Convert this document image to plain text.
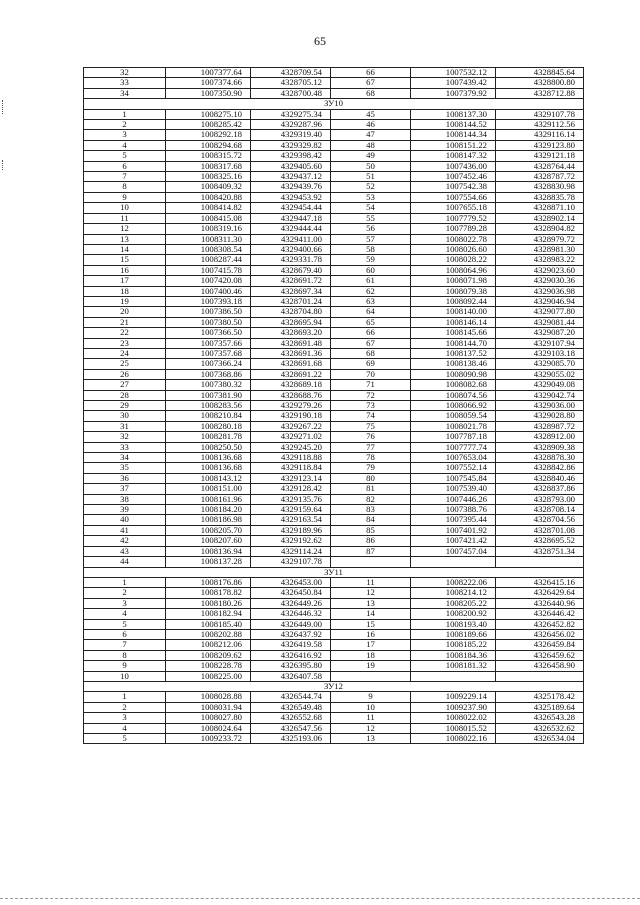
65
32	1007377.64	4328709.54	66	1007532.12	4328845.64
33	1007374.66	4328705.12	67	1007439.42	4328800.80
34	1007350.90	4328700.48	68	1007379.92	4328712.88
ЗУ10					
1	1008275.10	4329275.34	45	1008137.30	4329107.78
2	1008285.42	4329287.96	46	1008144.52	4329112.56
3	1008292.18	4329319.40	47	1008144.34	4329116.14
4	1008294.68	4329329.82	48	1008151.22	4329123.80
5	1008315.72	4329398.42	49	1008147.32	4329121.18
6	1008317.68	4329405.60	50	1007436.00	4328764.44
7	1008325.16	4329437.12	51	1007452.46	4328787.72
8	1008409.32	4329439.76	52	1007542.38	4328830.98
9	1008420.88	4329453.92	53	1007554.66	4328835.78
10	1008414.82	4329454.44	54	1007655.18	4328871.10
11	1008415.08	4329447.18	55	1007779.52	4328902.14
12	1008319.16	4329444.44	56	1007789.28	4328904.82
13	1008311.30	4329411.00	57	1008022.78	4328979.72
14	1008308.54	4329400.66	58	1008026.60	4328981.30
15	1008287.44	4329331.78	59	1008028.22	4328983.22
16	1007415.78	4328679.40	60	1008064.96	4329023.60
17	1007420.08	4328691.72	61	1008071.98	4329030.36
18	1007400.46	4328697.34	62	1008079.38	4329036.98
19	1007393.18	4328701.24	63	1008092.44	4329046.94
20	1007386.50	4328704.80	64	1008140.00	4329077.80
21	1007380.50	4328695.94	65	1008146.14	4329081.44
22	1007366.50	4328693.20	66	1008145.66	4329087.20
23	1007357.66	4328691.48	67	1008144.70	4329107.94
24	1007357.68	4328691.36	68	1008137.52	4329103.18
25	1007366.24	4328691.68	69	1008138.46	4329085.70
26	1007368.86	4328691.22	70	1008090.98	4329055.02
27	1007380.32	4328689.18	71	1008082.68	4329049.08
28	1007381.90	4328688.76	72	1008074.56	4329042.74
29	1008283.56	4329279.26	73	1008066.92	4329036.00
30	1008210.84	4329190.18	74	1008059.54	4329028.80
31	1008280.18	4329267.22	75	1008021.78	4328987.72
32	1008281.78	4329271.02	76	1007787.18	4328912.00
33	1008250.50	4329245.20	77	1007777.74	4328909.38
34	1008136.68	4329118.88	78	1007653.04	4328878.30
35	1008136.68	4329118.84	79	1007552.14	4328842.86
36	1008143.12	4329123.14	80	1007545.84	4328840.46
37	1008151.00	4329128.42	81	1007539.40	4328837.86
38	1008161.96	4329135.76	82	1007446.26	4328793.00
39	1008184.20	4329159.64	83	1007388.76	4328708.14
40	1008186.98	4329163.54	84	1007395.44	4328704.56
41	1008205.70	4329189.96	85	1007401.92	4328701.08
42	1008207.60	4329192.62	86	1007421.42	4328695.52
43	1008136.94	4329114.24	87	1007457.04	4328751.34
44	1008137.28	4329107.78			
ЗУ11					
1	1008176.86	4326453.00	11	1008222.06	4326415.16
2	1008178.82	4326450.84	12	1008214.12	4326429.64
3	1008180.26	4326449.26	13	1008205.22	4326440.96
4	1008182.94	4326446.32	14	1008200.92	4326446.42
5	1008185.40	4326449.00	15	1008193.40	4326452.82
6	1008202.88	4326437.92	16	1008189.66	4326456.02
7	1008212.06	4326419.58	17	1008185.22	4326459.84
8	1008209.62	4326416.92	18	1008184.36	4326459.62
9	1008228.78	4326395.80	19	1008181.32	4326458.90
10	1008225.00	4326407.58			
ЗУ12					
1	1008028.88	4326544.74	9	1009229.14	4325178.42
2	1008031.94	4326549.48	10	1009237.90	4325189.64
3	1008027.80	4326552.68	11	1008022.02	4326543.28
4	1008024.64	4326547.56	12	1008015.52	4326532.62
5	1009233.72	4325193.06	13	1008022.16	4326534.04
